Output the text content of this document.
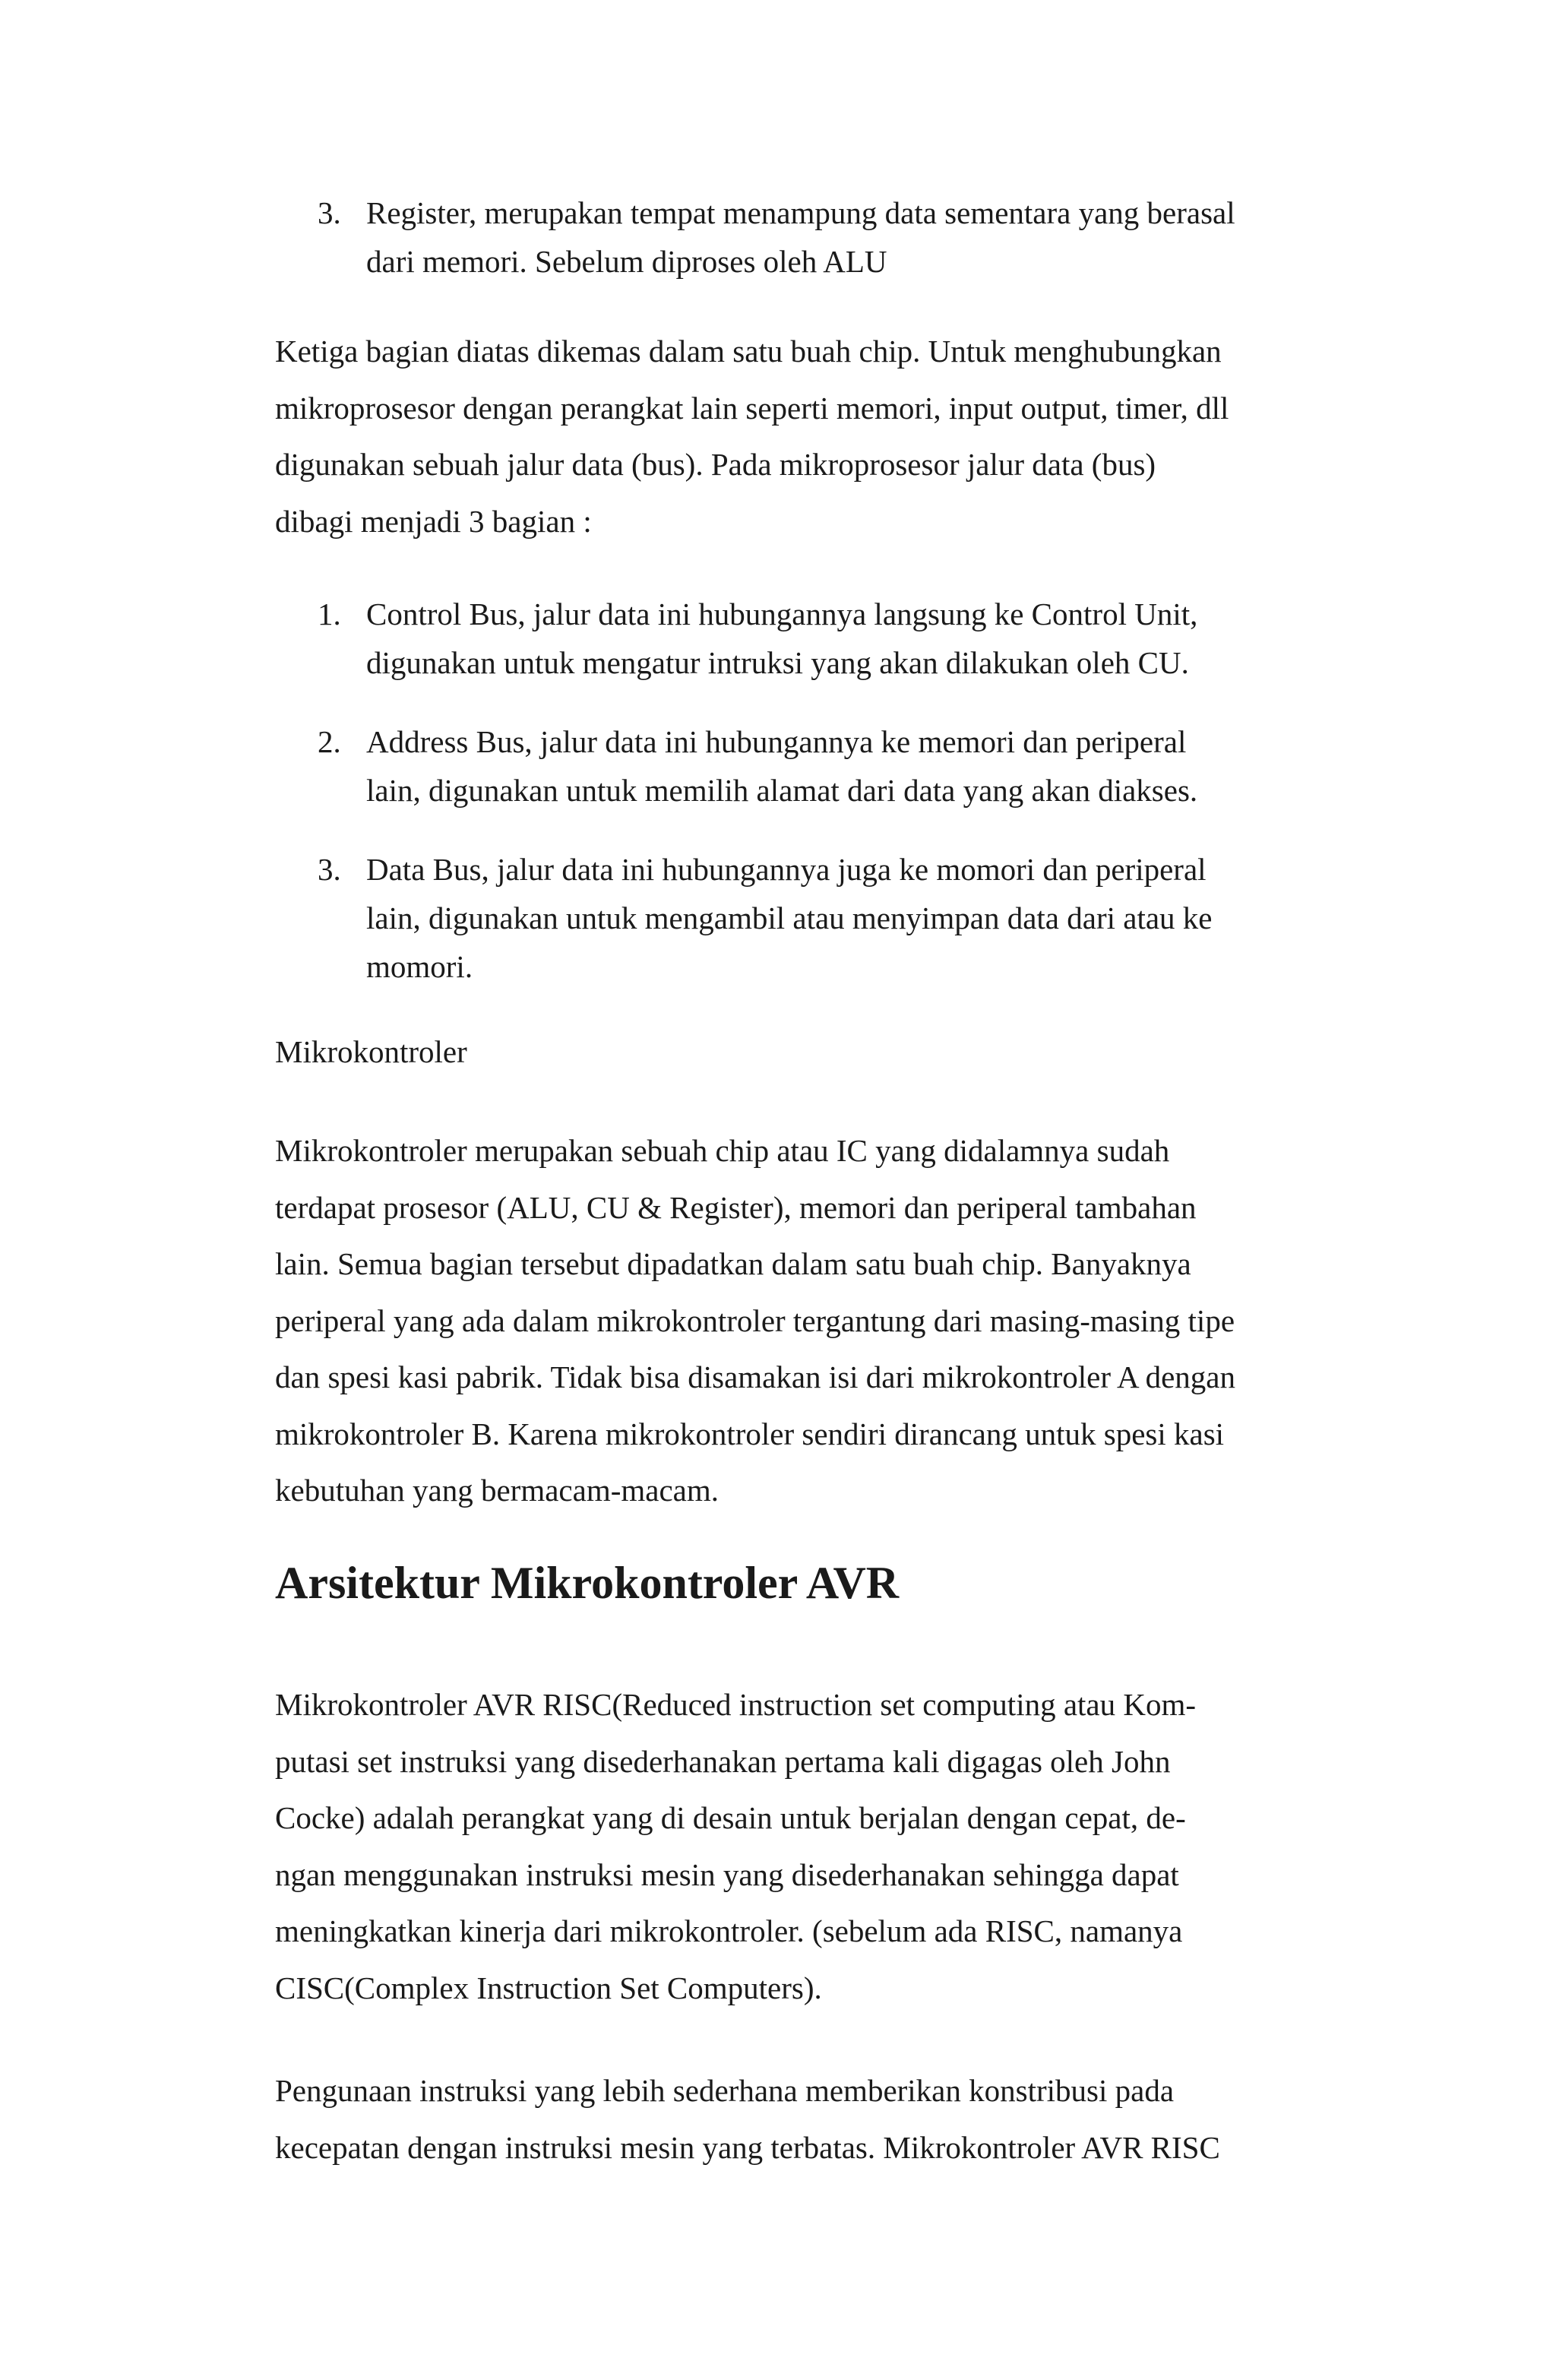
3. Register, merupakan tempat menampung data sementara yang berasal
dari memori. Sebelum diproses oleh ALU
Ketiga bagian diatas dikemas dalam satu buah chip. Untuk menghubungkan
mikroprosesor dengan perangkat lain seperti memori, input output, timer, dll
digunakan sebuah jalur data (bus). Pada mikroprosesor jalur data (bus)
dibagi menjadi 3 bagian :
1. Control Bus, jalur data ini hubungannya langsung ke Control Unit,
digunakan untuk mengatur intruksi yang akan dilakukan oleh CU.
2. Address Bus, jalur data ini hubungannya ke memori dan periperal
lain, digunakan untuk memilih alamat dari data yang akan diakses.
3. Data Bus, jalur data ini hubungannya juga ke momori dan periperal
lain, digunakan untuk mengambil atau menyimpan data dari atau ke
momori.
Mikrokontroler
Mikrokontroler merupakan sebuah chip atau IC yang didalamnya sudah
terdapat prosesor (ALU, CU & Register), memori dan periperal tambahan
lain. Semua bagian tersebut dipadatkan dalam satu buah chip. Banyaknya
periperal yang ada dalam mikrokontroler tergantung dari masing-masing tipe
dan spesi kasi pabrik. Tidak bisa disamakan isi dari mikrokontroler A dengan
mikrokontroler B. Karena mikrokontroler sendiri dirancang untuk spesi kasi
kebutuhan yang bermacam-macam.
Arsitektur Mikrokontroler AVR
Mikrokontroler AVR RISC(Reduced instruction set computing atau Kom-
putasi set instruksi yang disederhanakan pertama kali digagas oleh John
Cocke) adalah perangkat yang di desain untuk berjalan dengan cepat, de-
ngan menggunakan instruksi mesin yang disederhanakan sehingga dapat
meningkatkan kinerja dari mikrokontroler. (sebelum ada RISC, namanya
CISC(Complex Instruction Set Computers).
Pengunaan instruksi yang lebih sederhana memberikan konstribusi pada
kecepatan dengan instruksi mesin yang terbatas. Mikrokontroler AVR RISC
